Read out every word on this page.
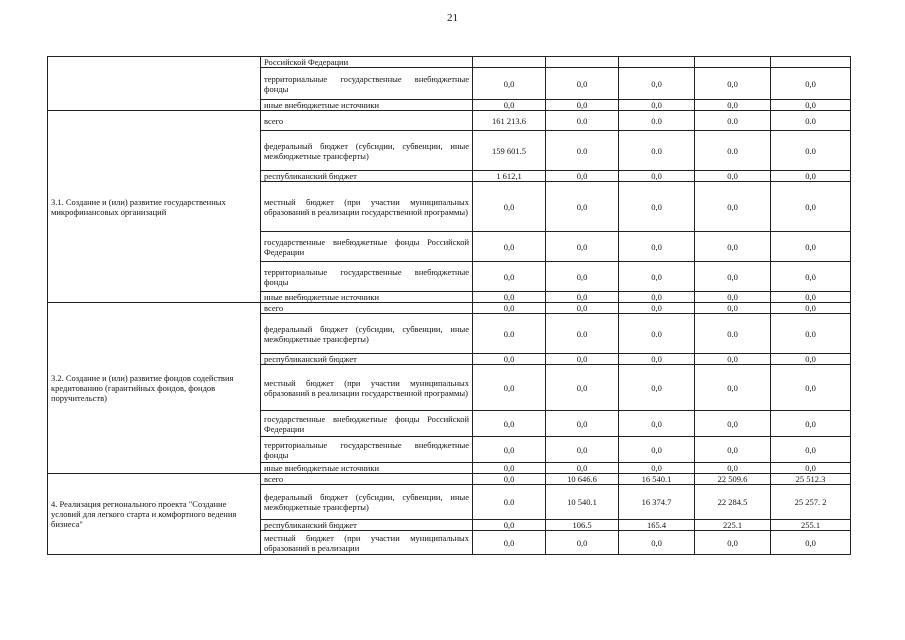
21
	Российской Федерации					
	территориальные государственные внебюджетные фонды	0,0	0,0	0,0	0,0	0,0
	иные внебюджетные источники	0,0	0,0	0,0	0,0	0,0
3.1. Создание и (или) развитие государственных микрофинансовых организаций	всего	161 213.6	0.0	0.0	0.0	0.0
	федеральный бюджет (субсидии, субвенции, иные межбюджетные трансферты)	159 601.5	0.0	0.0	0.0	0.0
	республиканский бюджет	1 612,1	0,0	0,0	0,0	0,0
	местный бюджет (при участии муниципальных образований в реализации государственной программы)	0,0	0,0	0,0	0,0	0,0
	государственные внебюджетные фонды Российской Федерации	0,0	0,0	0,0	0,0	0,0
	территориальные государственные внебюджетные фонды	0,0	0,0	0,0	0,0	0,0
	иные внебюджетные источники	0,0	0,0	0,0	0,0	0,0
3.2. Создание и (или) развитие фондов содействия кредитованию (гарантийных фондов, фондов поручительств)	всего	0,0	0,0	0,0	0,0	0,0
	федеральный бюджет (субсидии, субвенции, иные межбюджетные трансферты)	0.0	0.0	0.0	0.0	0.0
	республиканский бюджет	0,0	0,0	0,0	0,0	0,0
	местный бюджет (при участии муниципальных образований в реализации государственной программы)	0,0	0,0	0,0	0,0	0,0
	государственные внебюджетные фонды Российской Федерации	0,0	0,0	0,0	0,0	0,0
	территориальные государственные внебюджетные фонды	0,0	0,0	0,0	0,0	0,0
	иные внебюджетные источники	0,0	0,0	0,0	0,0	0,0
4. Реализация регионального проекта "Создание условий для легкого старта и комфортного ведения бизнеса"	всего	0,0	10 646.6	16 540.1	22 509.6	25 512.3
	федеральный бюджет (субсидии, субвенции, иные межбюджетные трансферты)	0.0	10 540.1	16 374.7	22 284.5	25 257. 2
	республиканский бюджет	0,0	106.5	165.4	225.1	255.1
	местный бюджет (при участии муниципальных образований в реализации	0,0	0,0	0,0	0,0	0,0
